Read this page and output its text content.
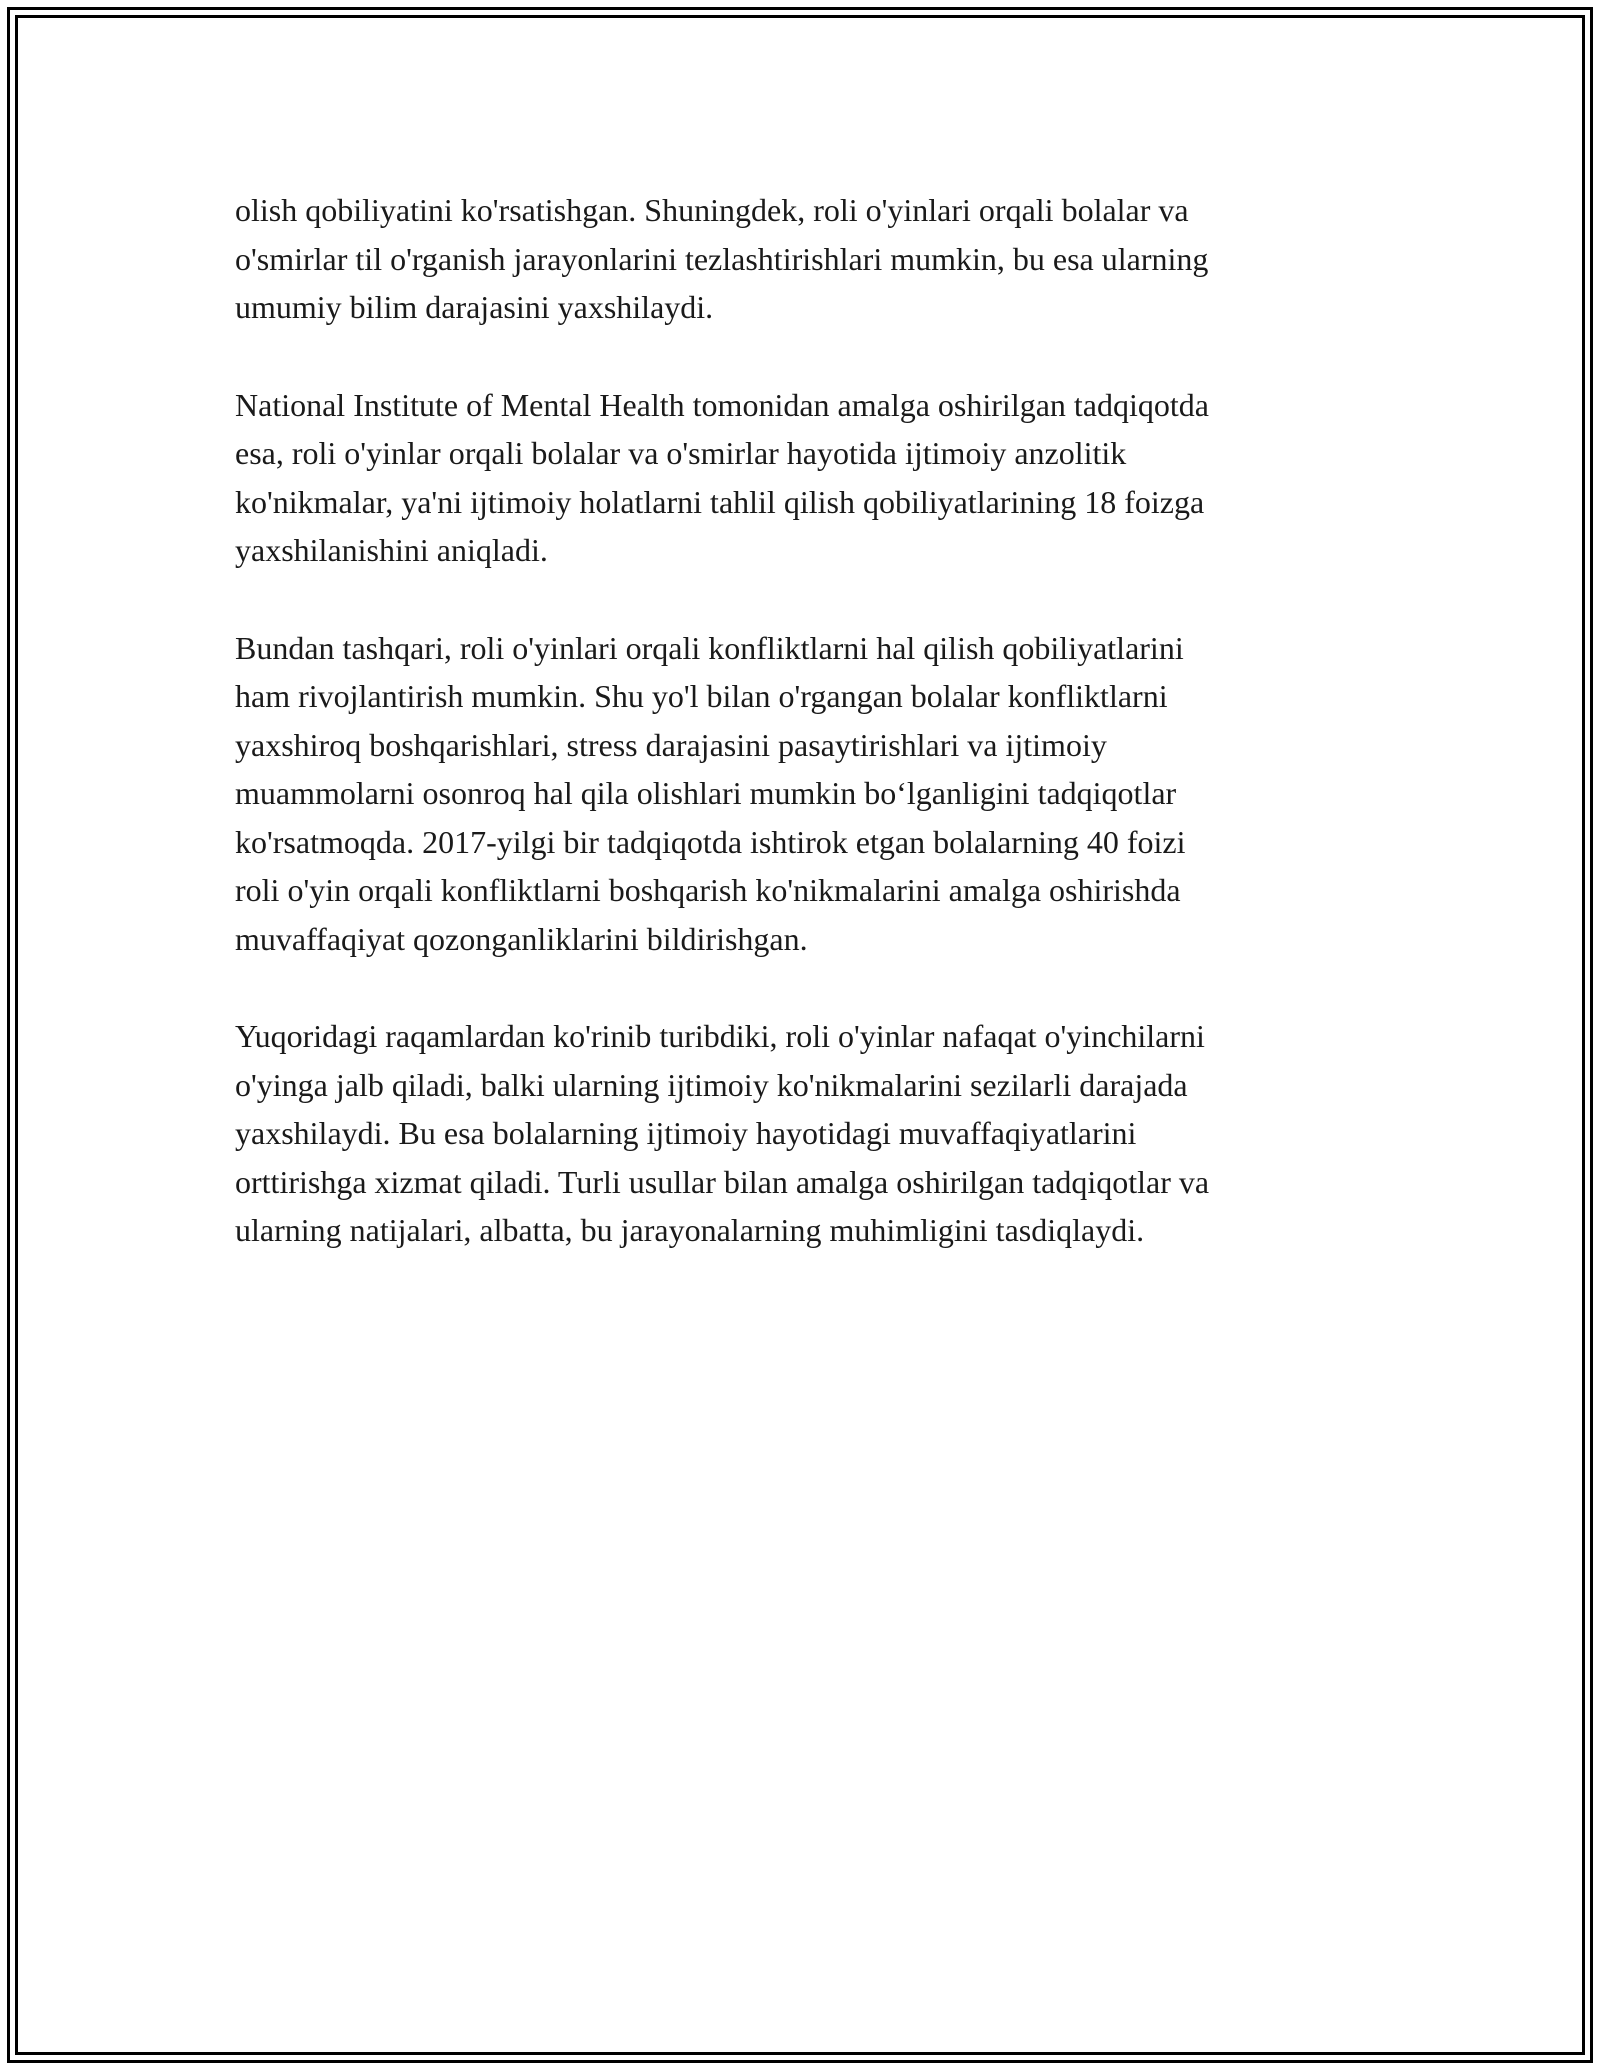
olish qobiliyatini ko'rsatishgan. Shuningdek, roli o'yinlari orqali bolalar va
o'smirlar til o'rganish jarayonlarini tezlashtirishlari mumkin, bu esa ularning
umumiy bilim darajasini yaxshilaydi.

National Institute of Mental Health tomonidan amalga oshirilgan tadqiqotda
esa, roli o'yinlar orqali bolalar va o'smirlar hayotida ijtimoiy anzolitik
ko'nikmalar, ya'ni ijtimoiy holatlarni tahlil qilish qobiliyatlarining 18 foizga
yaxshilanishini aniqladi.

Bundan tashqari, roli o'yinlari orqali konfliktlarni hal qilish qobiliyatlarini
ham rivojlantirish mumkin. Shu yo'l bilan o'rgangan bolalar konfliktlarni
yaxshiroq boshqarishlari, stress darajasini pasaytirishlari va ijtimoiy
muammolarni osonroq hal qila olishlari mumkin bo‘lganligini tadqiqotlar
ko'rsatmoqda. 2017-yilgi bir tadqiqotda ishtirok etgan bolalarning 40 foizi
roli o'yin orqali konfliktlarni boshqarish ko'nikmalarini amalga oshirishda
muvaffaqiyat qozonganliklarini bildirishgan.

Yuqoridagi raqamlardan ko'rinib turibdiki, roli o'yinlar nafaqat o'yinchilarni
o'yinga jalb qiladi, balki ularning ijtimoiy ko'nikmalarini sezilarli darajada
yaxshilaydi. Bu esa bolalarning ijtimoiy hayotidagi muvaffaqiyatlarini
orttirishga xizmat qiladi. Turli usullar bilan amalga oshirilgan tadqiqotlar va
ularning natijalari, albatta, bu jarayonalarning muhimligini tasdiqlaydi.
